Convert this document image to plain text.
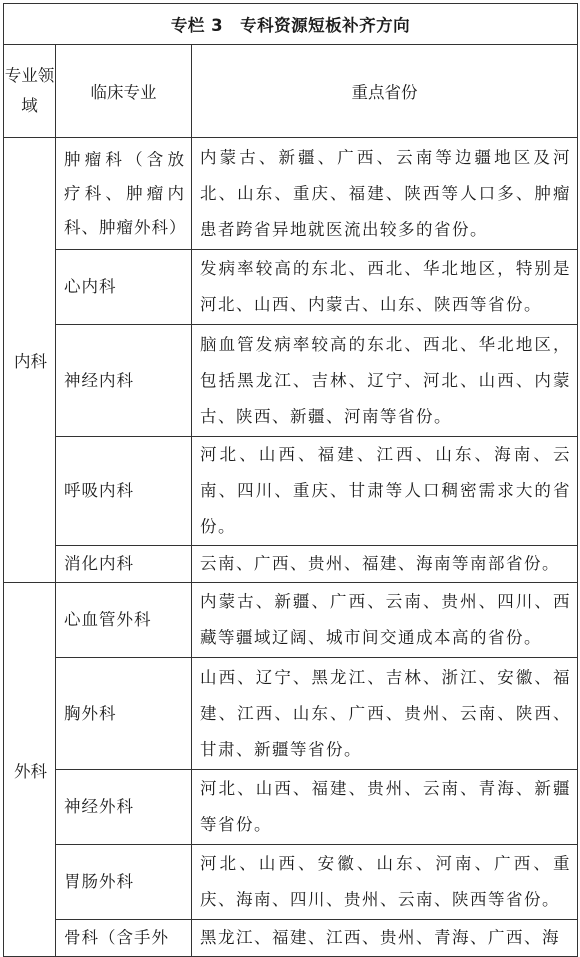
专栏 3　专科资源短板补齐方向		
专业领域	临床专业	重点省份
内科	肿瘤科（含放疗科、肿瘤内科、肿瘤外科）	内蒙古、新疆、广西、云南等边疆地区及河北、山东、重庆、福建、陕西等人口多、肿瘤患者跨省异地就医流出较多的省份。
	心内科	发病率较高的东北、西北、华北地区，特别是河北、山西、内蒙古、山东、陕西等省份。
	神经内科	脑血管发病率较高的东北、西北、华北地区，包括黑龙江、吉林、辽宁、河北、山西、内蒙古、陕西、新疆、河南等省份。
	呼吸内科	河北、山西、福建、江西、山东、海南、云南、四川、重庆、甘肃等人口稠密需求大的省份。
	消化内科	云南、广西、贵州、福建、海南等南部省份。
外科	心血管外科	内蒙古、新疆、广西、云南、贵州、四川、西藏等疆域辽阔、城市间交通成本高的省份。
	胸外科	山西、辽宁、黑龙江、吉林、浙江、安徽、福建、江西、山东、广西、贵州、云南、陕西、甘肃、新疆等省份。
	神经外科	河北、山西、福建、贵州、云南、青海、新疆等省份。
	胃肠外科	河北、山西、安徽、山东、河南、广西、重庆、海南、四川、贵州、云南、陕西等省份。
	骨科（含手外	黑龙江、福建、江西、贵州、青海、广西、海
